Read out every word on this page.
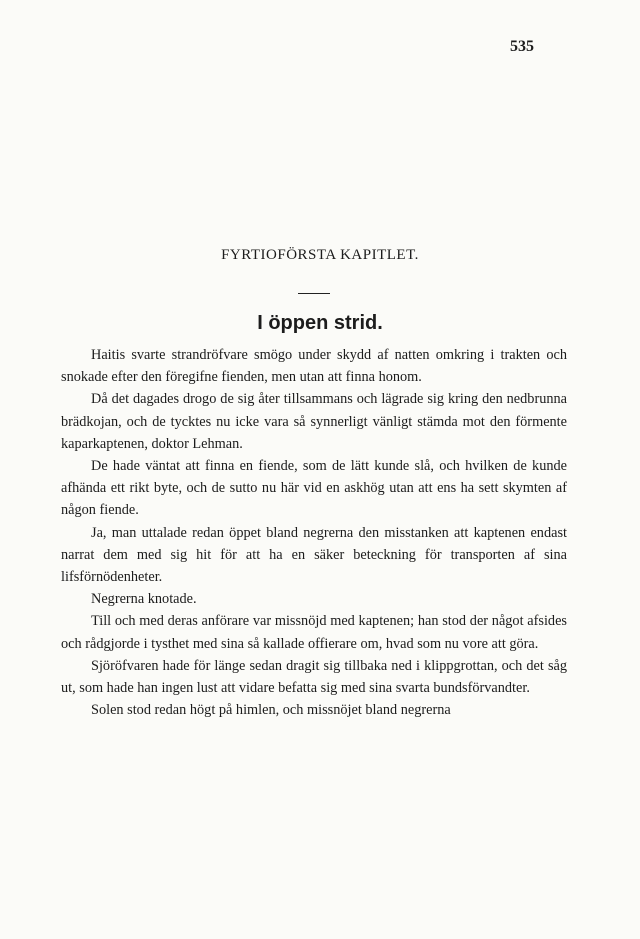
535
FYRTIOFÖRSTA KAPITLET.
I öppen strid.

Haitis svarte strandröfvare smögo under skydd af natten omkring i trakten och snokade efter den föregifne fienden, men utan att finna honom.

Då det dagades drogo de sig åter tillsammans och lägrade sig kring den nedbrunna brädkojan, och de tycktes nu icke vara så synnerligt vänligt stämda mot den förmente kaparkaptenen, doktor Lehman.

De hade väntat att finna en fiende, som de lätt kunde slå, och hvilken de kunde afhända ett rikt byte, och de sutto nu här vid en askhög utan att ens ha sett skymten af någon fiende.

Ja, man uttalade redan öppet bland negrerna den misstanken att kaptenen endast narrat dem med sig hit för att ha en säker beteckning för transporten af sina lifsförnödenheter.

Negrerna knotade.

Till och med deras anförare var missnöjd med kaptenen; han stod der något afsides och rådgjorde i tysthet med sina så kallade offierare om, hvad som nu vore att göra.

Sjöröfvaren hade för länge sedan dragit sig tillbaka ned i klippgrottan, och det såg ut, som hade han ingen lust att vidare befatta sig med sina svarta bundsförvandter.

Solen stod redan högt på himlen, och missnöjet bland negrerna
